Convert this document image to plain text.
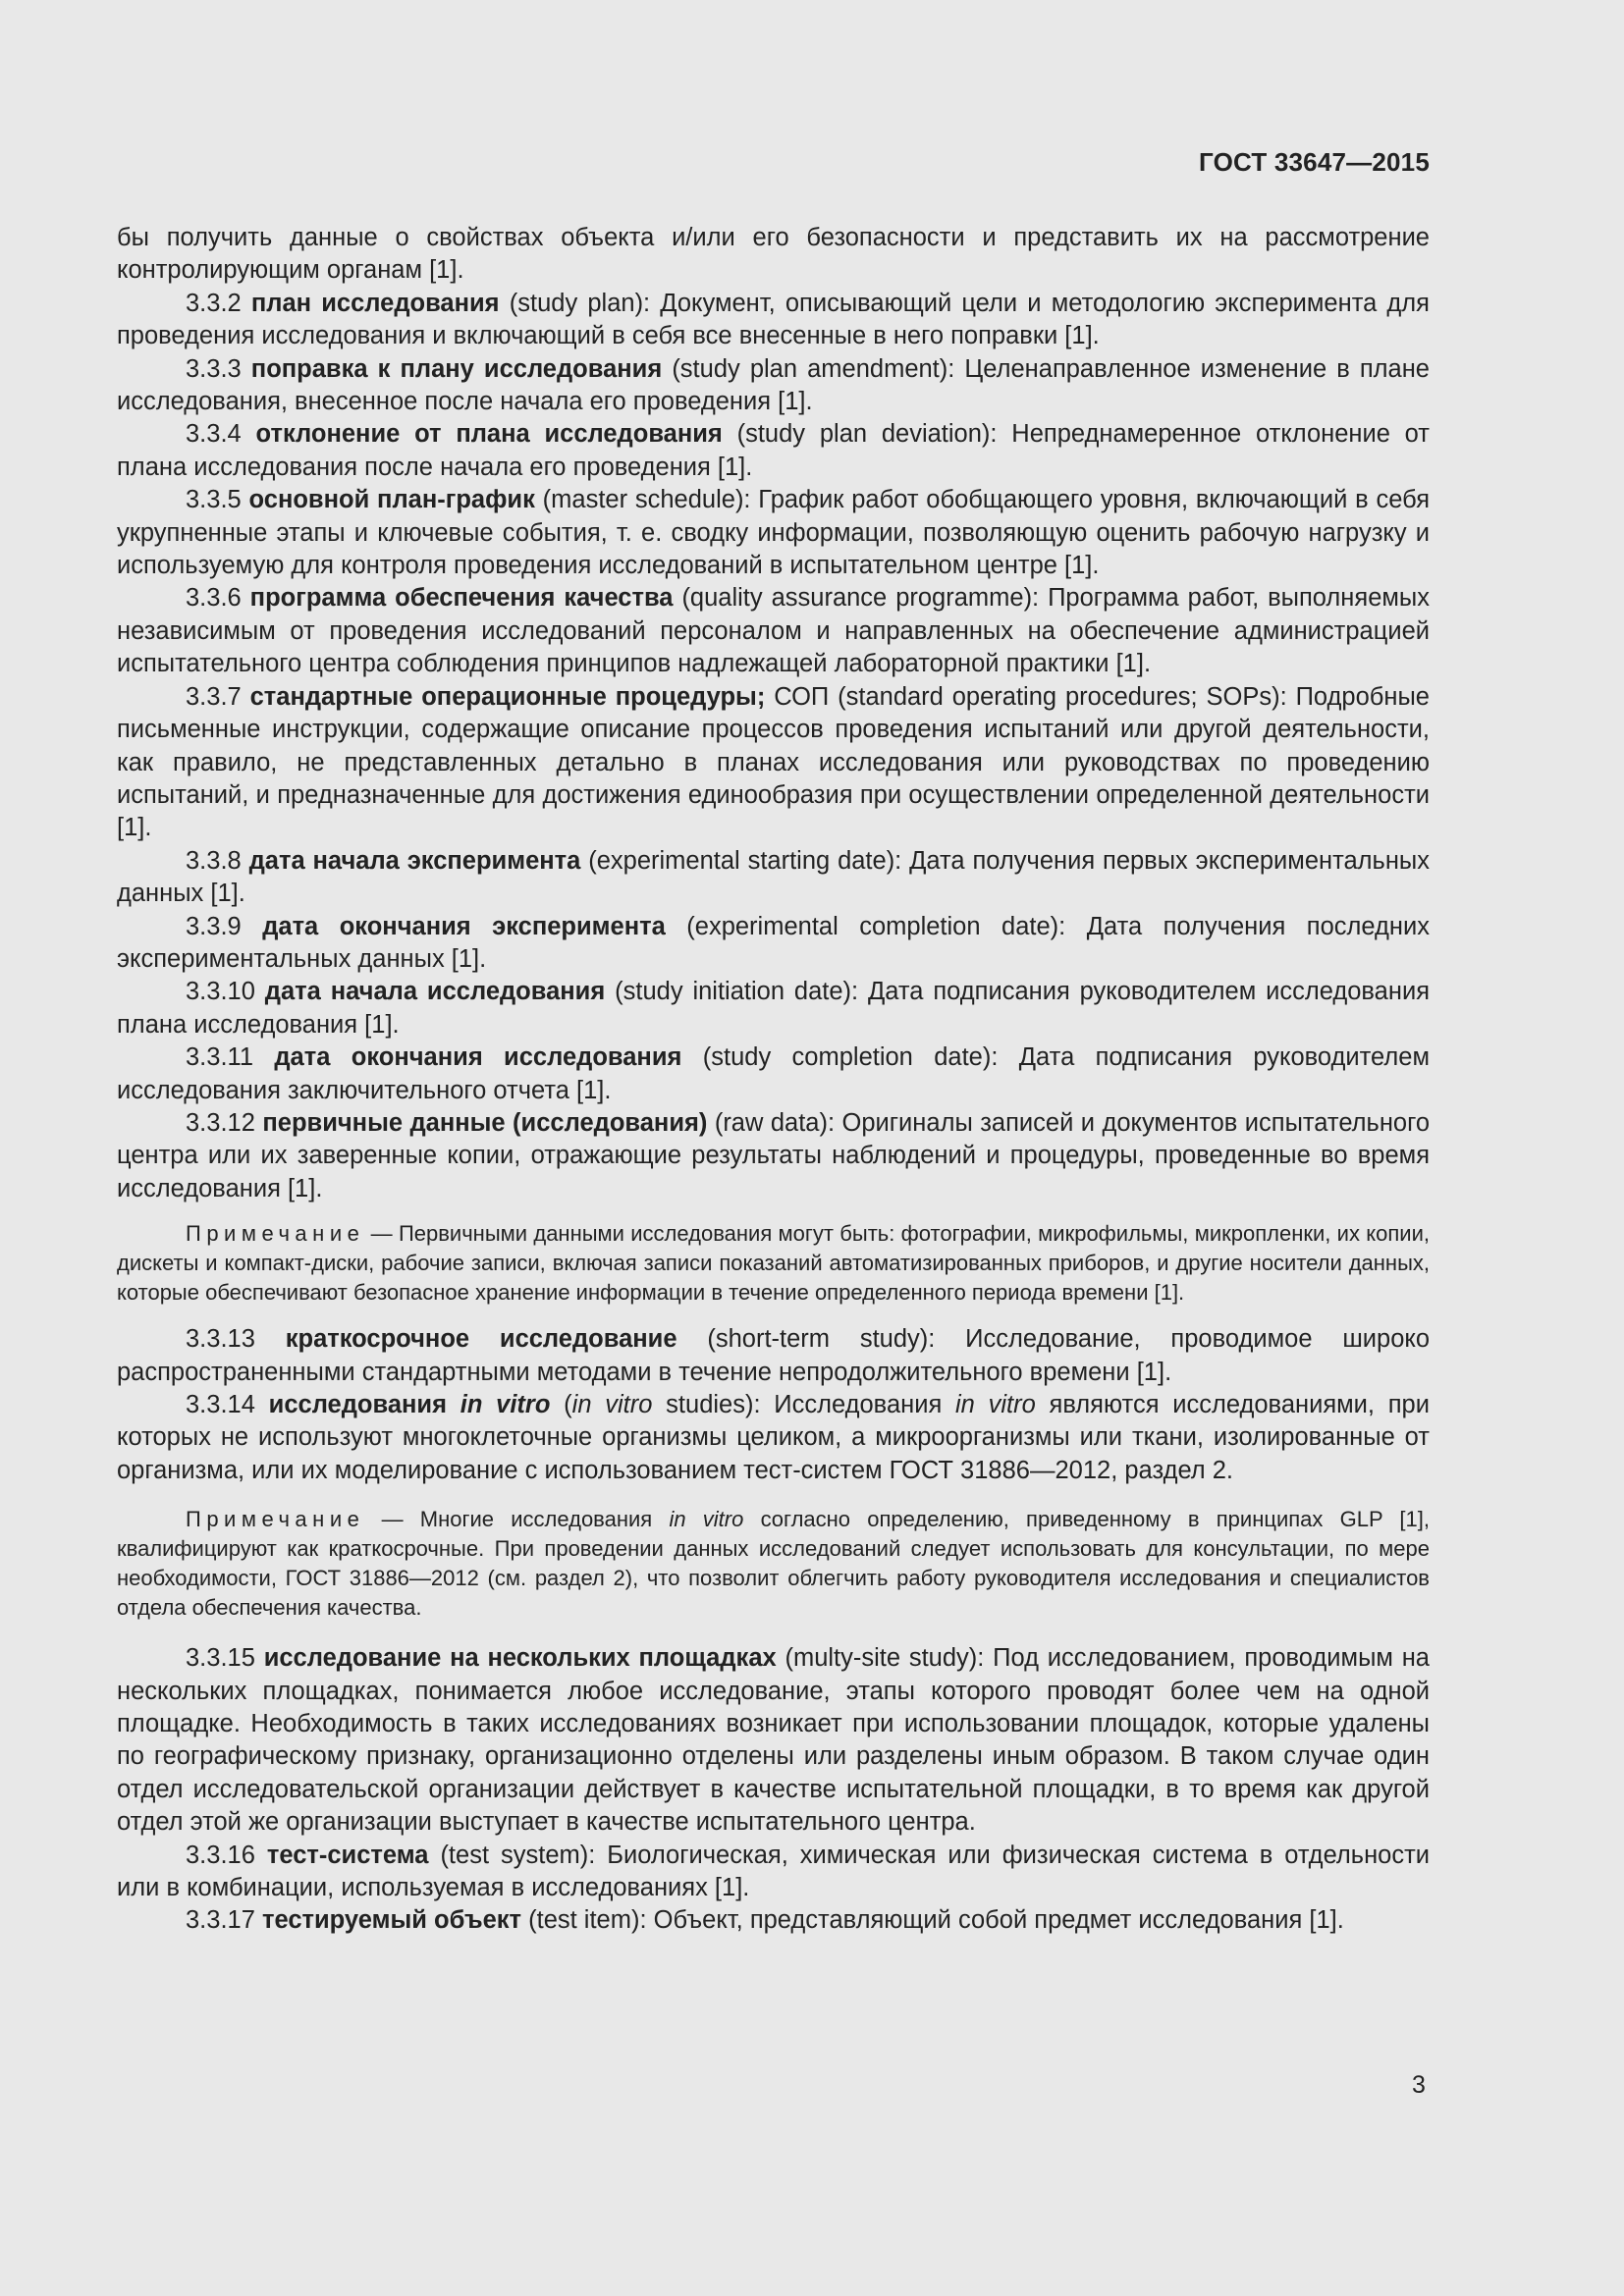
ГОСТ 33647—2015

бы получить данные о свойствах объекта и/или его безопасности и представить их на рассмотрение контролирующим органам [1].

3.3.2 план исследования (study plan): Документ, описывающий цели и методологию эксперимента для проведения исследования и включающий в себя все внесенные в него поправки [1].

3.3.3 поправка к плану исследования (study plan amendment): Целенаправленное изменение в плане исследования, внесенное после начала его проведения [1].

3.3.4 отклонение от плана исследования (study plan deviation): Непреднамеренное отклонение от плана исследования после начала его проведения [1].

3.3.5 основной план-график (master schedule): График работ обобщающего уровня, включающий в себя укрупненные этапы и ключевые события, т. е. сводку информации, позволяющую оценить рабочую нагрузку и используемую для контроля проведения исследований в испытательном центре [1].

3.3.6 программа обеспечения качества (quality assurance programme): Программа работ, выполняемых независимым от проведения исследований персоналом и направленных на обеспечение администрацией испытательного центра соблюдения принципов надлежащей лабораторной практики [1].

3.3.7 стандартные операционные процедуры; СОП (standard operating procedures; SOPs): Подробные письменные инструкции, содержащие описание процессов проведения испытаний или другой деятельности, как правило, не представленных детально в планах исследования или руководствах по проведению испытаний, и предназначенные для достижения единообразия при осуществлении определенной деятельности [1].

3.3.8 дата начала эксперимента (experimental starting date): Дата получения первых экспериментальных данных [1].

3.3.9 дата окончания эксперимента (experimental completion date): Дата получения последних экспериментальных данных [1].

3.3.10 дата начала исследования (study initiation date): Дата подписания руководителем исследования плана исследования [1].

3.3.11 дата окончания исследования (study completion date): Дата подписания руководителем исследования заключительного отчета [1].

3.3.12 первичные данные (исследования) (raw data): Оригиналы записей и документов испытательного центра или их заверенные копии, отражающие результаты наблюдений и процедуры, проведенные во время исследования [1].

Примечание — Первичными данными исследования могут быть: фотографии, микрофильмы, микропленки, их копии, дискеты и компакт-диски, рабочие записи, включая записи показаний автоматизированных приборов, и другие носители данных, которые обеспечивают безопасное хранение информации в течение определенного периода времени [1].

3.3.13 краткосрочное исследование (short-term study): Исследование, проводимое широко распространенными стандартными методами в течение непродолжительного времени [1].

3.3.14 исследования in vitro (in vitro studies): Исследования in vitro являются исследованиями, при которых не используют многоклеточные организмы целиком, а микроорганизмы или ткани, изолированные от организма, или их моделирование с использованием тест-систем ГОСТ 31886—2012, раздел 2.

Примечание — Многие исследования in vitro согласно определению, приведенному в принципах GLP [1], квалифицируют как краткосрочные. При проведении данных исследований следует использовать для консультации, по мере необходимости, ГОСТ 31886—2012 (см. раздел 2), что позволит облегчить работу руководителя исследования и специалистов отдела обеспечения качества.

3.3.15 исследование на нескольких площадках (multy-site study): Под исследованием, проводимым на нескольких площадках, понимается любое исследование, этапы которого проводят более чем на одной площадке. Необходимость в таких исследованиях возникает при использовании площадок, которые удалены по географическому признаку, организационно отделены или разделены иным образом. В таком случае один отдел исследовательской организации действует в качестве испытательной площадки, в то время как другой отдел этой же организации выступает в качестве испытательного центра.

3.3.16 тест-система (test system): Биологическая, химическая или физическая система в отдельности или в комбинации, используемая в исследованиях [1].

3.3.17 тестируемый объект (test item): Объект, представляющий собой предмет исследования [1].

3
